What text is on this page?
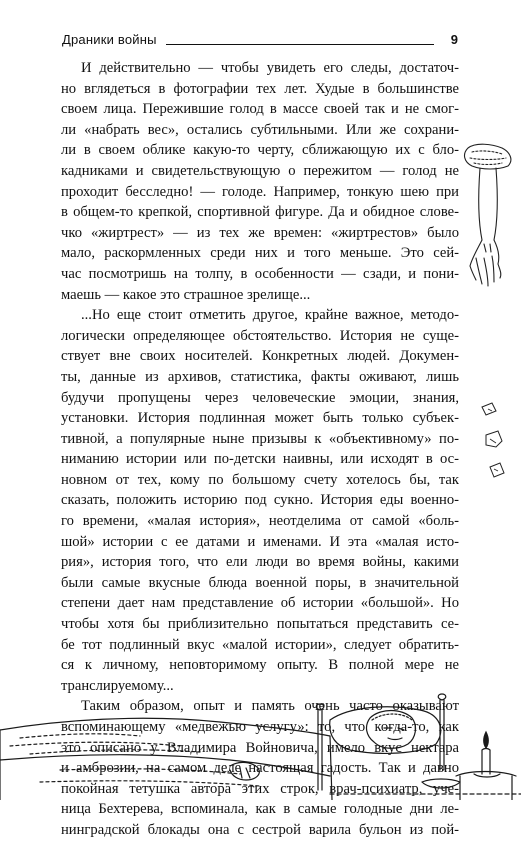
Драники войны	9
И действительно — чтобы увидеть его следы, достаточ-
но вглядеться в фотографии тех лет. Худые в большинстве
своем лица. Пережившие голод в массе своей так и не смог-
ли «набрать вес», остались субтильными. Или же сохрани-
ли в своем облике какую-то черту, сближающую их с бло-
кадниками и свидетельствующую о пережитом — голод не
проходит бесследно! — голоде. Например, тонкую шею при
в общем-то крепкой, спортивной фигуре. Да и обидное слове-
чко «жиртрест» — из тех же времен: «жиртрестов» было
мало, раскормленных среди них и того меньше. Это сей-
час посмотришь на толпу, в особенности — сзади, и пони-
маешь — какое это страшное зрелище...
...Но еще стоит отметить другое, крайне важное, методо-
логически определяющее обстоятельство. История не суще-
ствует вне своих носителей. Конкретных людей. Докумен-
ты, данные из архивов, статистика, факты оживают, лишь
будучи пропущены через человеческие эмоции, знания,
установки. История подлинная может быть только субъек-
тивной, а популярные ныне призывы к «объективному» по-
ниманию истории или по-детски наивны, или исходят в ос-
новном от тех, кому по большому счету хотелось бы, так
сказать, положить историю под сукно. История еды военно-
го времени, «малая история», неотделима от самой «боль-
шой» истории с ее датами и именами. И эта «малая исто-
рия», история того, что ели люди во время войны, какими
были самые вкусные блюда военной поры, в значительной
степени дает нам представление об истории «большой». Но
чтобы хотя бы приблизительно попытаться представить се-
бе тот подлинный вкус «малой истории», следует обратить-
ся к личному, неповторимому опыту. В полной мере не
транслируемому...
Таким образом, опыт и память очень часто оказывают
вспоминающему «медвежью услугу»: то, что когда-то, как
это описано у Владимира Войновича, имело вкус нектара
и амброзии, на самом деле настоящая гадость. Так и давно
покойная тетушка автора этих строк, врач-психиатр, уче-
ница Бехтерева, вспоминала, как в самые голодные дни ле-
нинградской блокады она с сестрой варила бульон из пой-
